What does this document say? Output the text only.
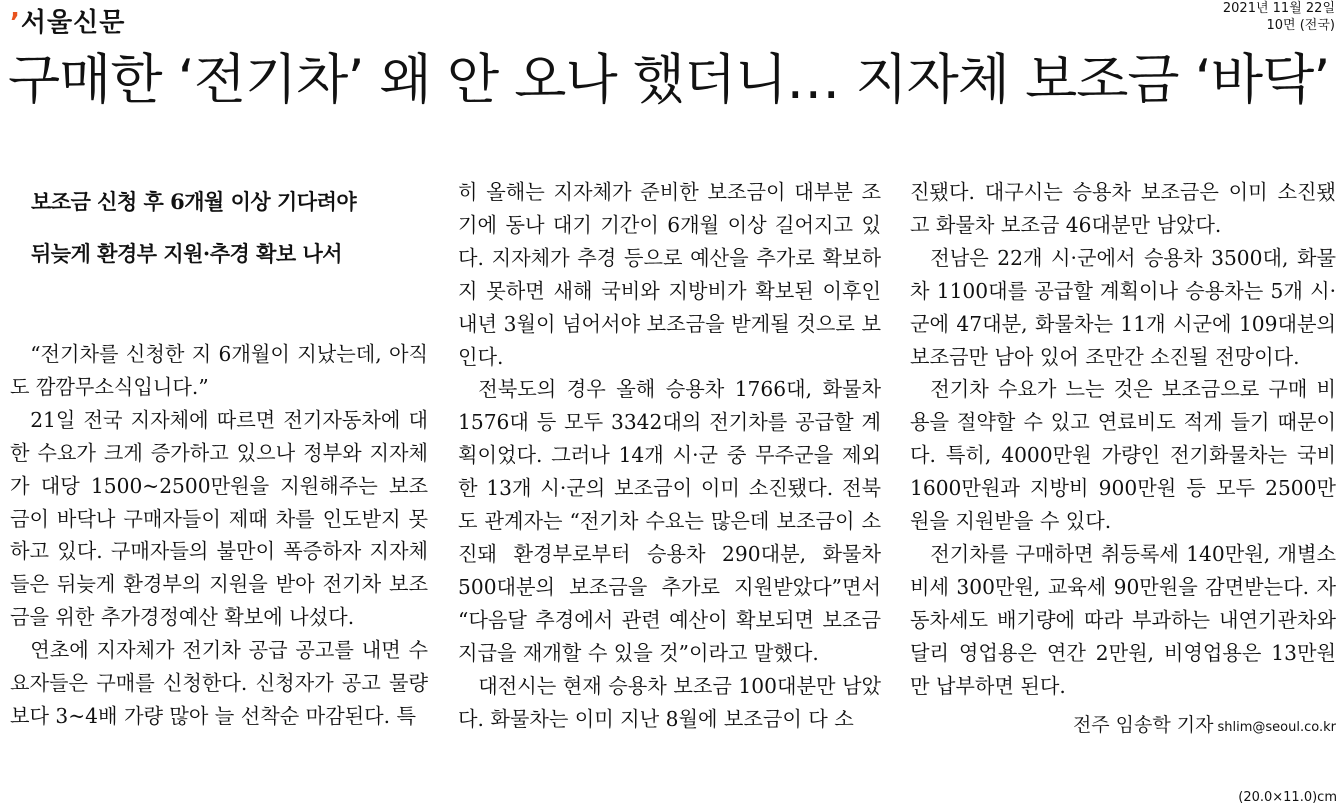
’서울신문	2021년 11월 22일
10면 (전국)
구매한 ‘전기차’ 왜 안 오나 했더니… 지자체 보조금 ‘바닥’

보조금 신청 후 6개월 이상 기다려야

뒤늦게 환경부 지원·추경 확보 나서

“전기차를 신청한 지 6개월이 지났는데, 아직 도 깜깜무소식입니다.”

21일 전국 지자체에 따르면 전기자동차에 대한 수요가 크게 증가하고 있으나 정부와 지자체가 대당 1500~2500만원을 지원해주는 보조금이 바닥나 구매자들이 제때 차를 인도받지 못하고 있다. 구매자들의 불만이 폭증하자 지자체들은 뒤늦게 환경부의 지원을 받아 전기차 보조금을 위한 추가경정예산 확보에 나섰다.

연초에 지자체가 전기차 공급 공고를 내면 수요자들은 구매를 신청한다. 신청자가 공고 물량보다 3~4배 가량 많아 늘 선착순 마감된다. 특

히 올해는 지자체가 준비한 보조금이 대부분 조기에 동나 대기 기간이 6개월 이상 길어지고 있다. 지자체가 추경 등으로 예산을 추가로 확보하지 못하면 새해 국비와 지방비가 확보된 이후인 내년 3월이 넘어서야 보조금을 받게될 것으로 보인다.

전북도의 경우 올해 승용차 1766대, 화물차 1576대 등 모두 3342대의 전기차를 공급할 계획이었다. 그러나 14개 시·군 중 무주군을 제외한 13개 시·군의 보조금이 이미 소진됐다. 전북도 관계자는 “전기차 수요는 많은데 보조금이 소진돼 환경부로부터 승용차 290대분, 화물차 500대분의 보조금을 추가로 지원받았다”면서 “다음달 추경에서 관련 예산이 확보되면 보조금 지급을 재개할 수 있을 것”이라고 말했다.

대전시는 현재 승용차 보조금 100대분만 남았다. 화물차는 이미 지난 8월에 보조금이 다 소

진됐다. 대구시는 승용차 보조금은 이미 소진됐고 화물차 보조금 46대분만 남았다.

전남은 22개 시·군에서 승용차 3500대, 화물차 1100대를 공급할 계획이나 승용차는 5개 시·군에 47대분, 화물차는 11개 시군에 109대분의 보조금만 남아 있어 조만간 소진될 전망이다.

전기차 수요가 느는 것은 보조금으로 구매 비용을 절약할 수 있고 연료비도 적게 들기 때문이다. 특히, 4000만원 가량인 전기화물차는 국비 1600만원과 지방비 900만원 등 모두 2500만원을 지원받을 수 있다.

전기차를 구매하면 취등록세 140만원, 개별소비세 300만원, 교육세 90만원을 감면받는다. 자동차세도 배기량에 따라 부과하는 내연기관차와 달리 영업용은 연간 2만원, 비영업용은 13만원만 납부하면 된다.

전주 임송학 기자 shlim@seoul.co.kr
(20.0×11.0)cm
